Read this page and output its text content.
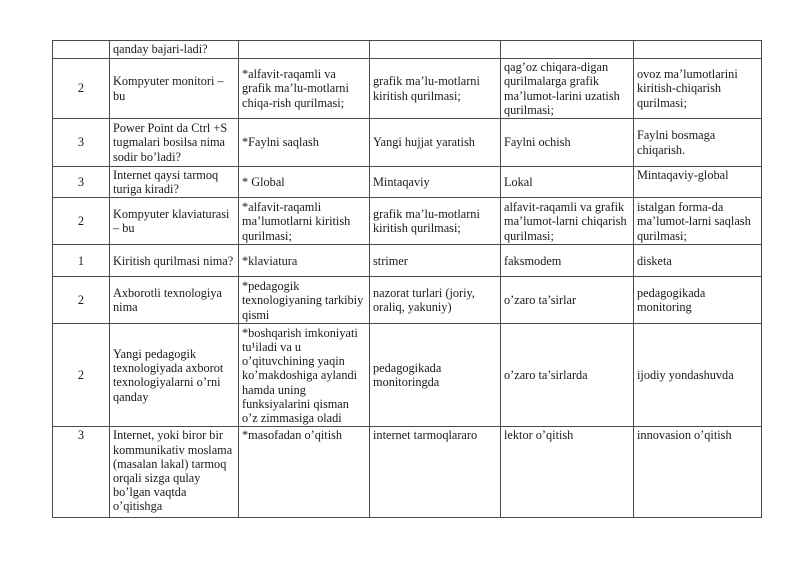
	qanday bajari-ladi?				
2	Kompyuter monitori – bu	*alfavit-raqamli va grafik ma’lu-motlarni chiqa-rish qurilmasi;	grafik ma’lu-motlarni kiritish qurilmasi;	qag’oz chiqara-digan qurilmalarga grafik ma’lumot-larini uzatish qurilmasi;	ovoz ma’lumotlarini kiritish-chiqarish qurilmasi;
3	Power Point da Ctrl +S tugmalari bosilsa nima sodir bo’ladi?	*Faylni saqlash	Yangi hujjat yaratish	Faylni ochish	Faylni bosmaga chiqarish.
3	Internet qaysi tarmoq turiga kiradi?	* Global	Mintaqaviy	Lokal	Mintaqaviy-global
2	Kompyuter klaviaturasi – bu	*alfavit-raqamli ma’lumotlarni kiritish qurilmasi;	grafik ma’lu-motlarni kiritish qurilmasi;	alfavit-raqamli va grafik ma’lumot-larni chiqarish qurilmasi;	istalgan forma-da ma’lumot-larni saqlash qurilmasi;
1	Kiritish qurilmasi nima?	*klaviatura	strimer	faksmodem	disketa
2	Axborotli texnologiya nima	*pedagogik texnologiyaning tarkibiy qismi	nazorat turlari (joriy, oraliq, yakuniy)	o’zaro ta’sirlar	pedagogikada monitoring
2	Yangi pedagogik texnologiyada axborot texnologiyalarni o’rni qanday	*boshqarish imkoniyati tu¹iladi va u o’qituvchining yaqin ko’makdoshiga aylandi hamda uning funksiyalarini qisman o’z zimmasiga oladi	pedagogikada monitoringda	o’zaro ta’sirlarda	ijodiy yondashuvda
3	Internet, yoki biror bir kommunikativ moslama (masalan lakal) tarmoq orqali sizga qulay bo’lgan vaqtda o’qitishga	*masofadan o’qitish	internet tarmoqlararo	lektor o’qitish	innovasion o’qitish
